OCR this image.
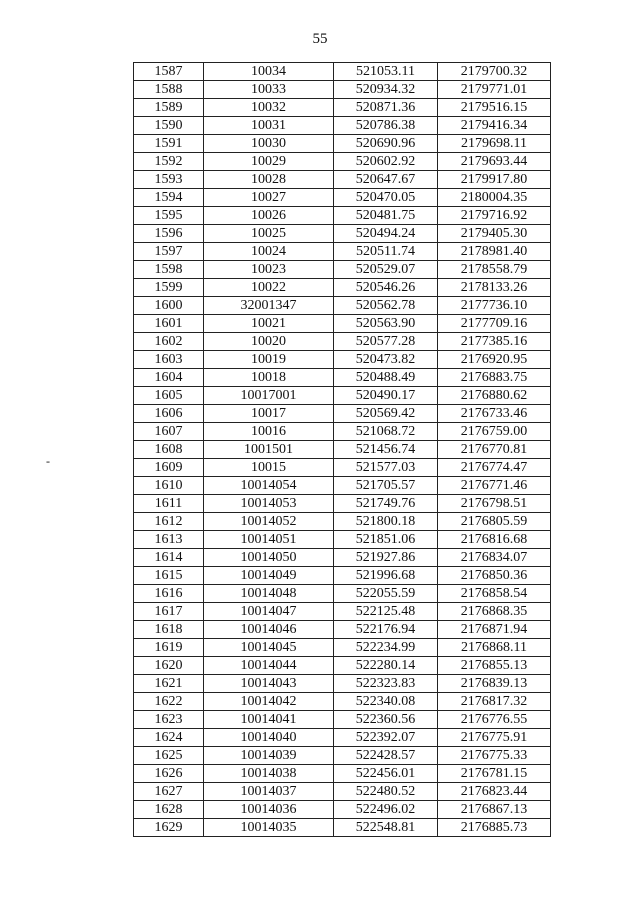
55
-
1587	10034	521053.11	2179700.32
1588	10033	520934.32	2179771.01
1589	10032	520871.36	2179516.15
1590	10031	520786.38	2179416.34
1591	10030	520690.96	2179698.11
1592	10029	520602.92	2179693.44
1593	10028	520647.67	2179917.80
1594	10027	520470.05	2180004.35
1595	10026	520481.75	2179716.92
1596	10025	520494.24	2179405.30
1597	10024	520511.74	2178981.40
1598	10023	520529.07	2178558.79
1599	10022	520546.26	2178133.26
1600	32001347	520562.78	2177736.10
1601	10021	520563.90	2177709.16
1602	10020	520577.28	2177385.16
1603	10019	520473.82	2176920.95
1604	10018	520488.49	2176883.75
1605	10017001	520490.17	2176880.62
1606	10017	520569.42	2176733.46
1607	10016	521068.72	2176759.00
1608	1001501	521456.74	2176770.81
1609	10015	521577.03	2176774.47
1610	10014054	521705.57	2176771.46
1611	10014053	521749.76	2176798.51
1612	10014052	521800.18	2176805.59
1613	10014051	521851.06	2176816.68
1614	10014050	521927.86	2176834.07
1615	10014049	521996.68	2176850.36
1616	10014048	522055.59	2176858.54
1617	10014047	522125.48	2176868.35
1618	10014046	522176.94	2176871.94
1619	10014045	522234.99	2176868.11
1620	10014044	522280.14	2176855.13
1621	10014043	522323.83	2176839.13
1622	10014042	522340.08	2176817.32
1623	10014041	522360.56	2176776.55
1624	10014040	522392.07	2176775.91
1625	10014039	522428.57	2176775.33
1626	10014038	522456.01	2176781.15
1627	10014037	522480.52	2176823.44
1628	10014036	522496.02	2176867.13
1629	10014035	522548.81	2176885.73
